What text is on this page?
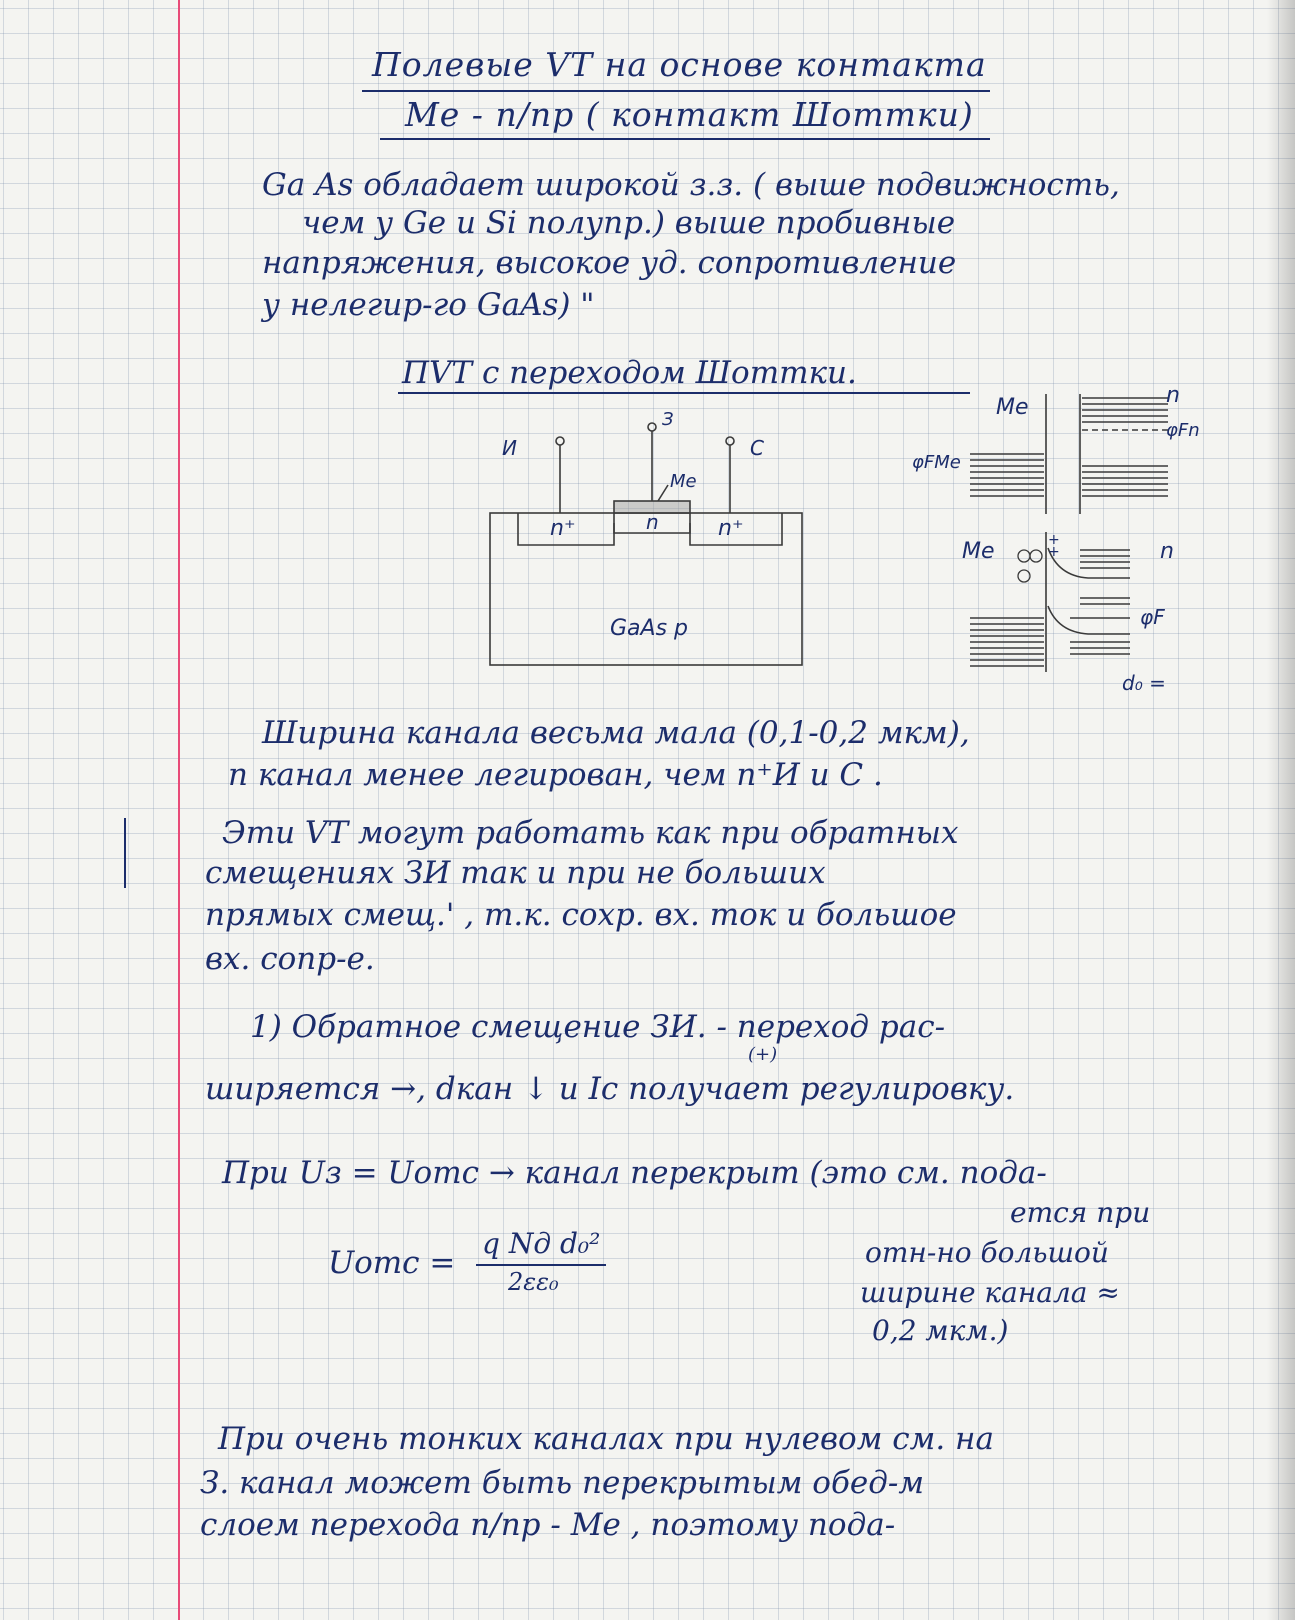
Полевые VT на основе контакта
Me - n/пр ( контакт Шоттки)
Ga As обладает широкой з.з. ( выше подвижность,
чем у Ge и Si полупр.) выше пробивные
напряжения, высокое уд. сопротивление
у нелегир-го GaAs) "
ПVT с переходом Шоттки.
И
З
С
Me
n⁺	n	n⁺
GaAs p
Me	n
φFMe
φFn
+
+
Me	n
φF
d₀ =
Ширина канала весьма мала (0,1-0,2 мкм),
n канал менее легирован, чем n⁺И и С .
Эти VT могут работать как при обратных
смещениях ЗИ так и при не больших
прямых смещ.' , т.к. сохр. вх. ток и большое
вх. сопр-е.
1) Обратное смещение ЗИ. - переход рас-
(+)
ширяется →, dкан ↓ и Iс получает регулировку.
При Uз = Uотс → канал перекрыт (это см. пода-
ется при
отн-но большой
ширине канала ≈
0,2 мкм.)
Uотс =
q Nд d₀²
2εε₀
При очень тонких каналах при нулевом см. на
З. канал может быть перекрытым обед-м
слоем перехода n/пр - Me , поэтому пода-
